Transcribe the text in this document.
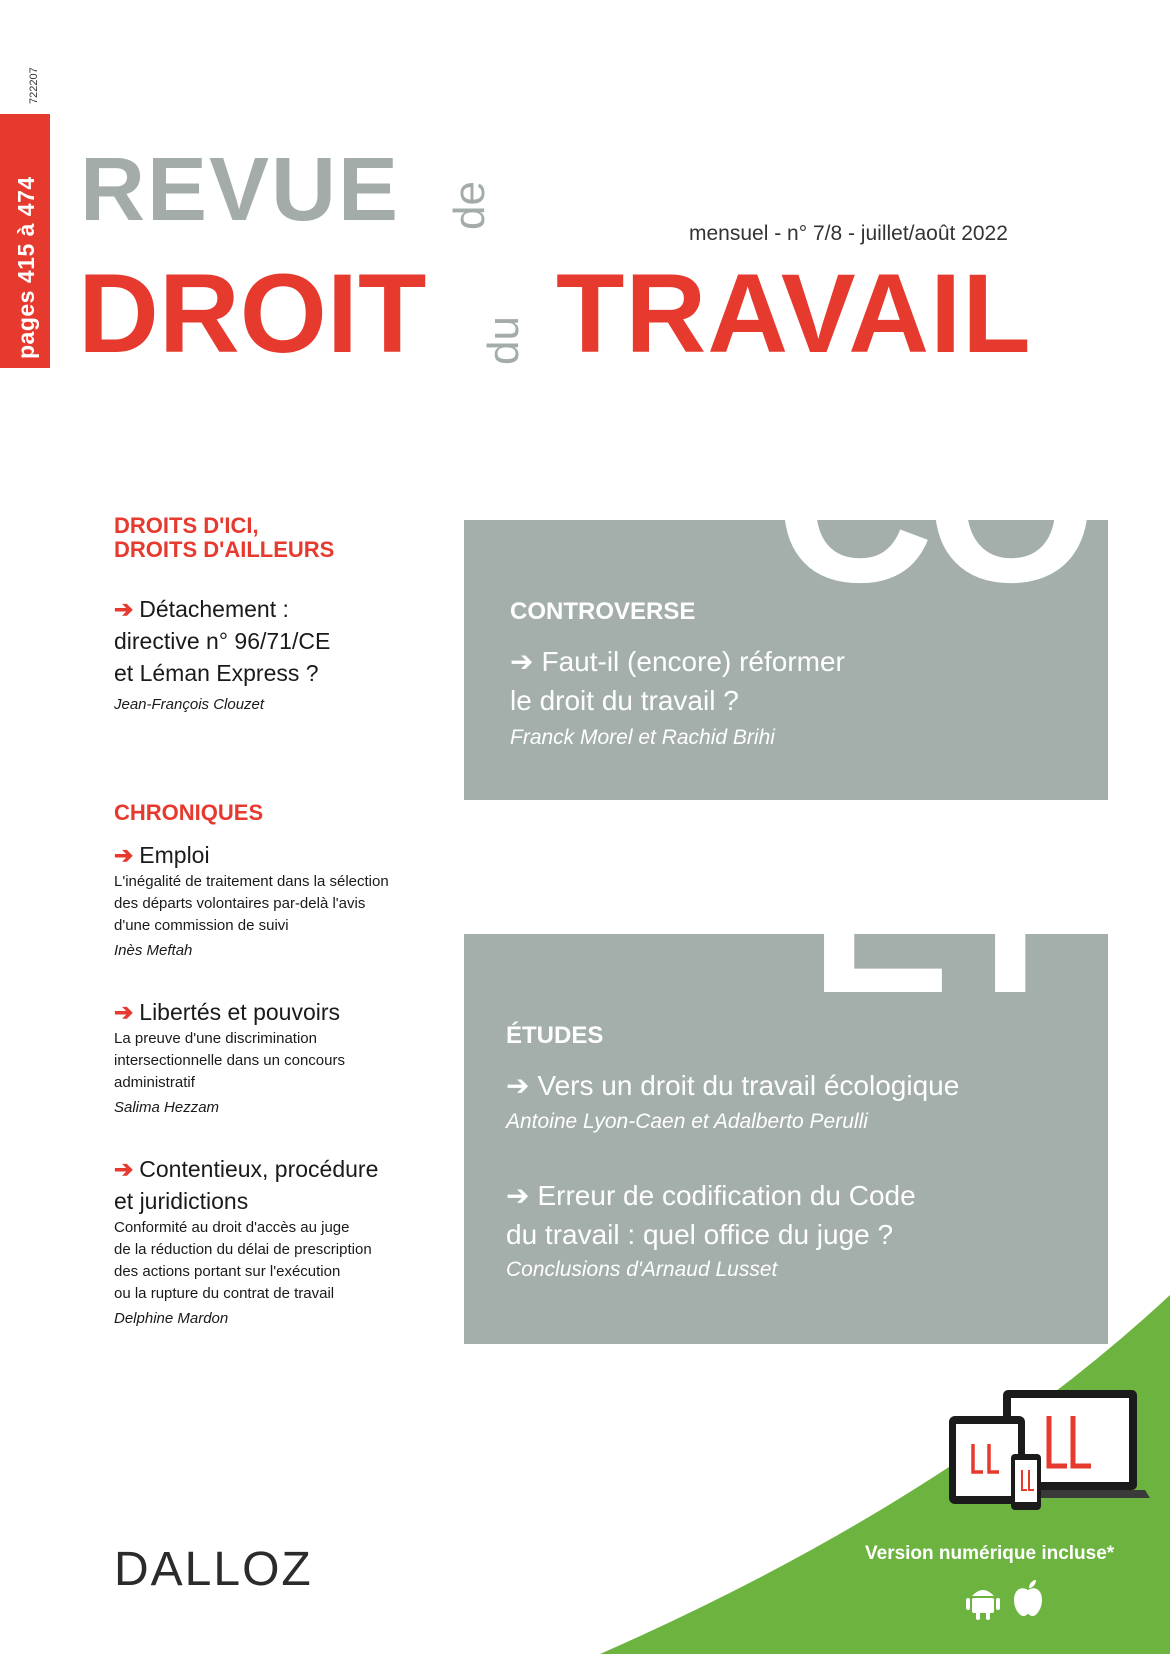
722207
pages 415 à 474 REVUE de
DROIT du TRAVAIL
mensuel - n° 7/8 - juillet/août 2022
DROITS D'ICI,
DROITS D'AILLEURS
➔ Détachement :
directive n° 96/71/CE
et Léman Express ?
Jean-François Clouzet
CHRONIQUES
➔ Emploi
L'inégalité de traitement dans la sélection
des départs volontaires par-delà l'avis
d'une commission de suivi
Inès Meftah
➔ Libertés et pouvoirs
La preuve d'une discrimination
intersectionnelle dans un concours
administratif
Salima Hezzam
➔ Contentieux, procédure
et juridictions
Conformité au droit d'accès au juge
de la réduction du délai de prescription
des actions portant sur l'exécution
ou la rupture du contrat de travail
Delphine Mardon
CO
CONTROVERSE
➔ Faut-il (encore) réformer
le droit du travail ?
Franck Morel et Rachid Brihi
ET
ÉTUDES
➔ Vers un droit du travail écologique
Antoine Lyon-Caen et Adalberto Perulli
➔ Erreur de codification du Code
du travail : quel office du juge ?
Conclusions d'Arnaud Lusset
Version numérique incluse*
DALLOZ
